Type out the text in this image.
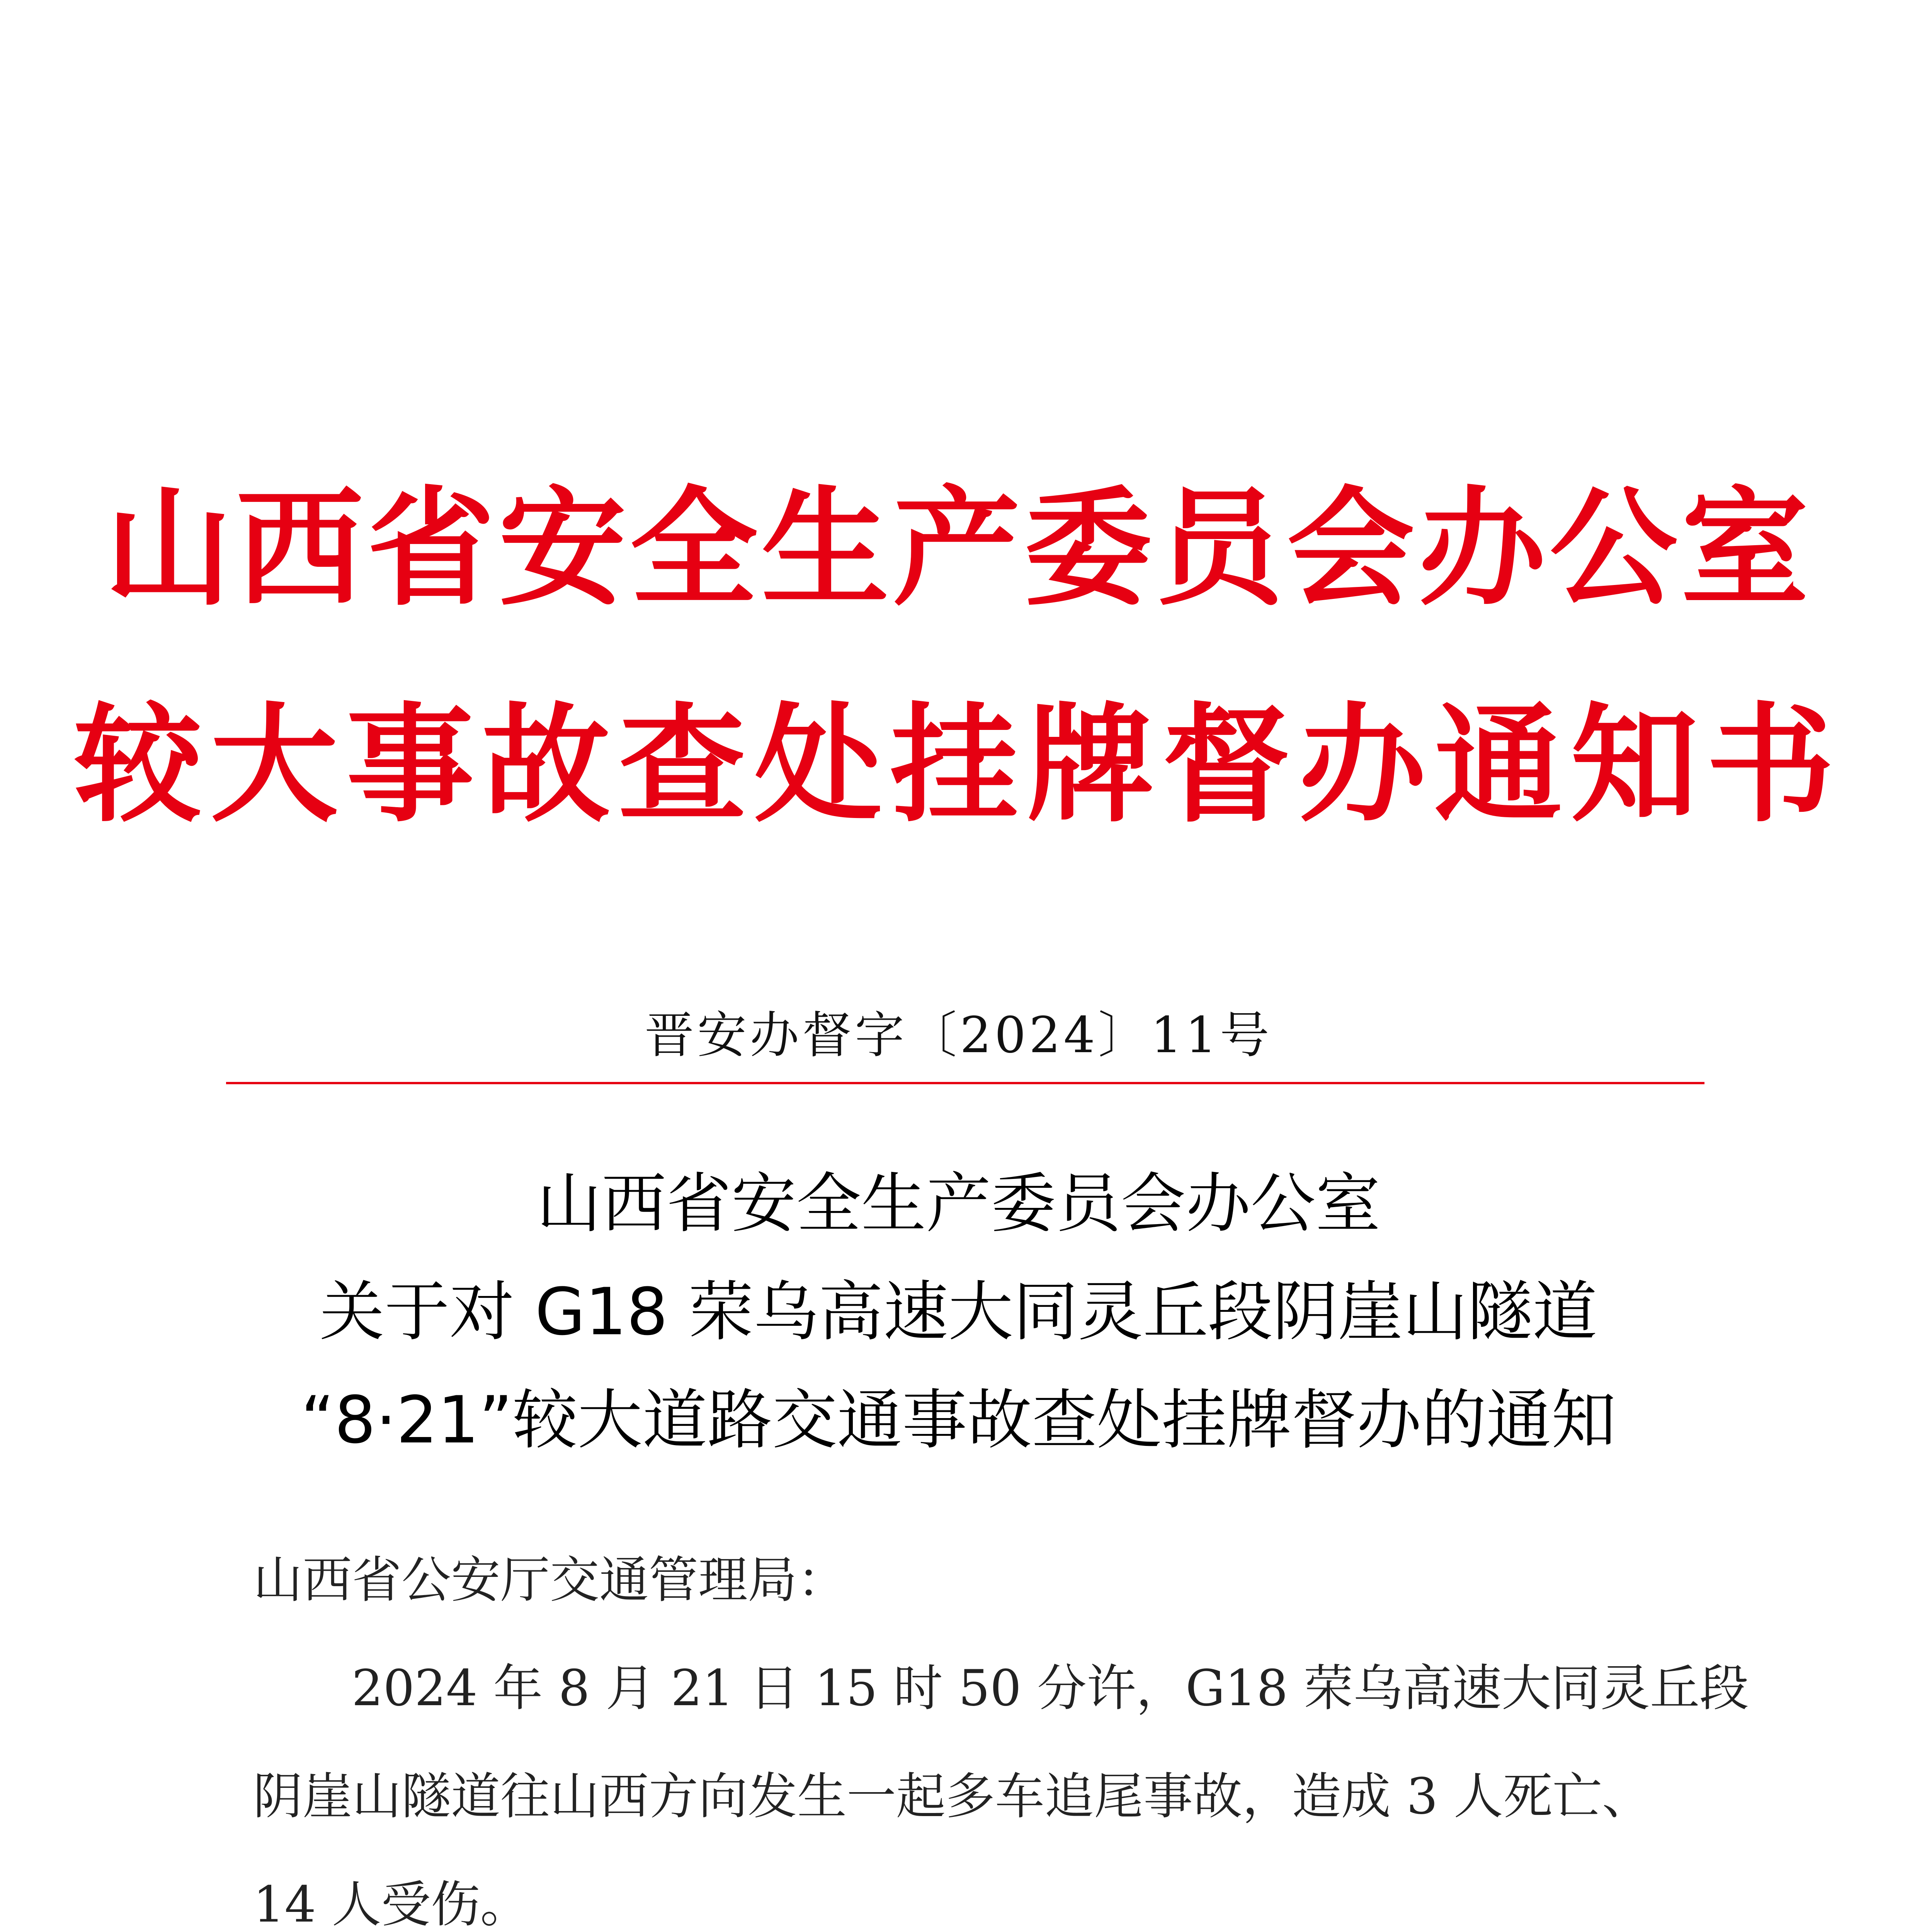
山西省安全生产委员会办公室
较大事故查处挂牌督办通知书
晋安办督字〔2024〕11号
山西省安全生产委员会办公室
关于对 G18 荣乌高速大同灵丘段阴崖山隧道
“8·21”较大道路交通事故查处挂牌督办的通知
山西省公安厅交通管理局：
2024 年 8 月 21 日 15 时 50 分许，G18 荣乌高速大同灵丘段
阴崖山隧道往山西方向发生一起多车追尾事故，造成 3 人死亡、
14 人受伤。
